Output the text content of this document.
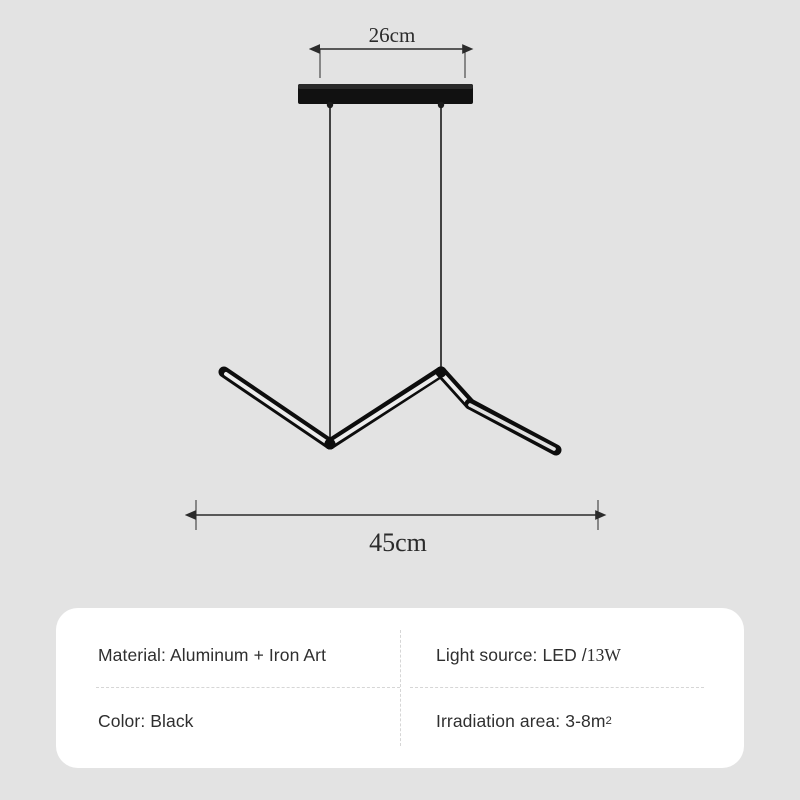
26cm
45cm
Material: Aluminum + Iron Art	Light source: LED / 13W
Color: Black	Irradiation area: 3-8m 2
